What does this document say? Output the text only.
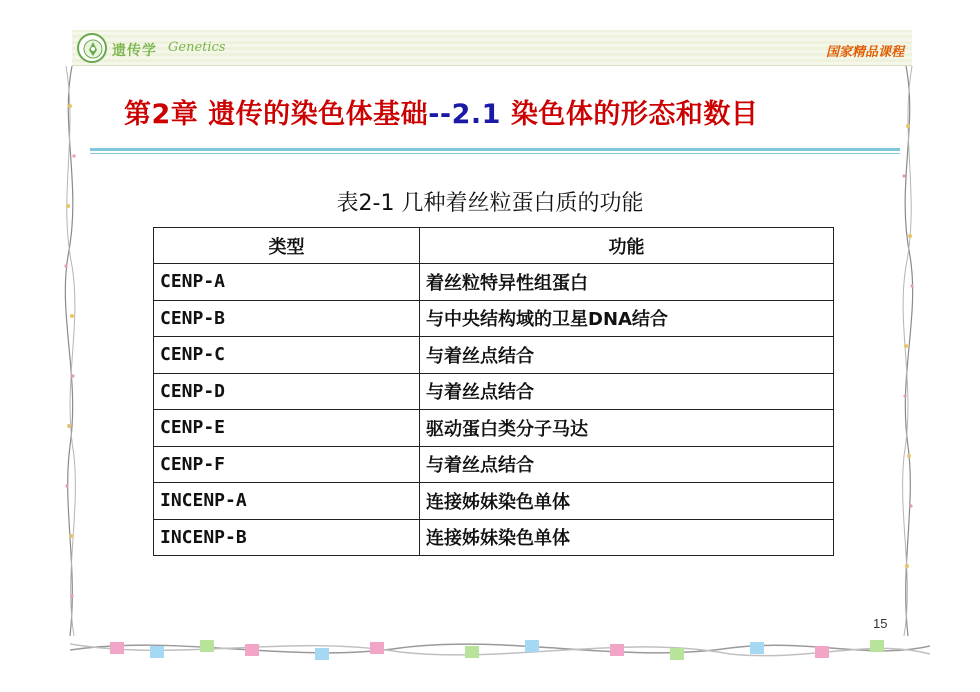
遗传学 Genetics	国家精品课程
第2章 遗传的染色体基础--2.1 染色体的形态和数目
表2-1 几种着丝粒蛋白质的功能
类型	功能
CENP-A	着丝粒特异性组蛋白
CENP-B	与中央结构域的卫星DNA结合
CENP-C	与着丝点结合
CENP-D	与着丝点结合
CENP-E	驱动蛋白类分子马达
CENP-F	与着丝点结合
INCENP-A	连接姊妹染色单体
INCENP-B	连接姊妹染色单体
15
